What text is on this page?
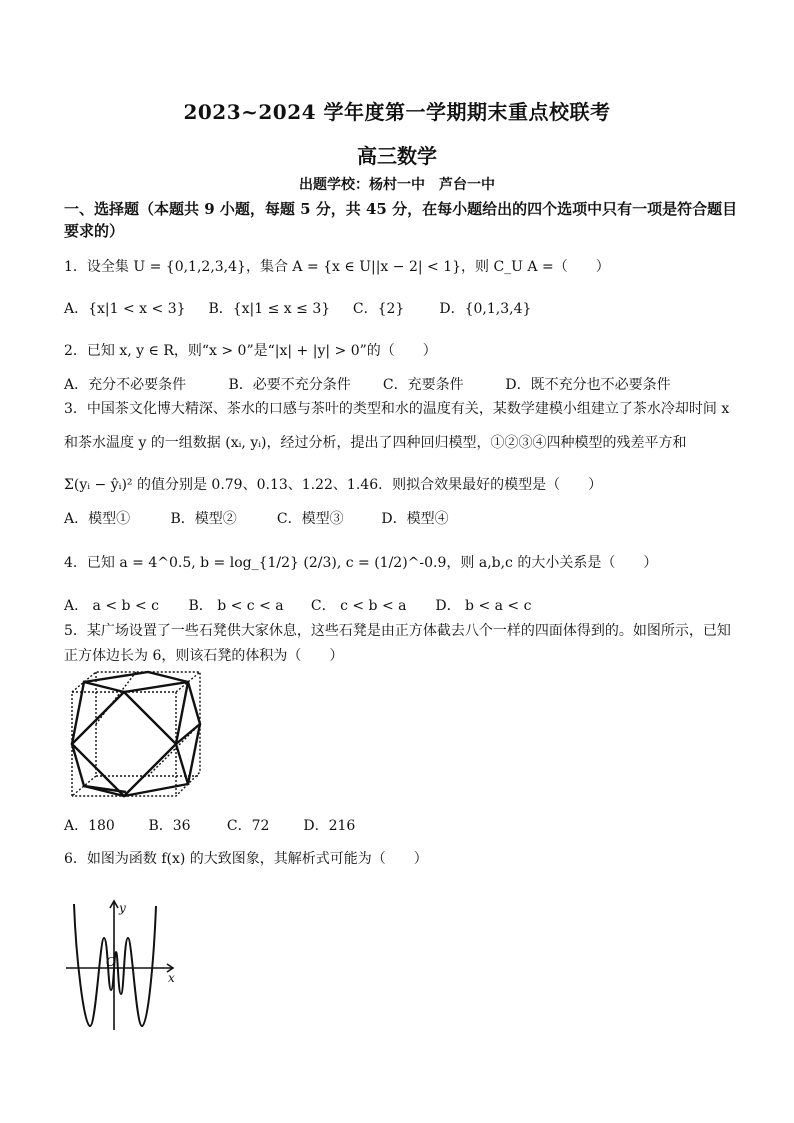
2023~2024 学年度第一学期期末重点校联考
高三数学
出题学校：杨村一中　芦台一中
一、选择题（本题共 9 小题，每题 5 分，共 45 分，在每小题给出的四个选项中只有一项是符合题目要求的）
1．设全集 U = {0,1,2,3,4}，集合 A = {x ∈ U||x − 2| < 1}，则 C_U A =（　　）
A．{x|1 < x < 3} B．{x|1 ≤ x ≤ 3} C．{2}	D．{0,1,3,4}
2．已知 x, y ∈ R，则“x > 0”是“|x| + |y| > 0”的（　　）
A．充分不必要条件	B．必要不充分条件 C．充要条件	D．既不充分也不必要条件
3．中国茶文化博大精深、茶水的口感与茶叶的类型和水的温度有关，某数学建模小组建立了茶水冷却时间 x
和茶水温度 y 的一组数据 (xᵢ, yᵢ)，经过分析，提出了四种回归模型，①②③④四种模型的残差平方和
Σ(yᵢ − ŷᵢ)² 的值分别是 0.79、0.13、1.22、1.46．则拟合效果最好的模型是（　　）
A．模型①	B．模型②	C．模型③	D．模型④
4．已知 a = 4^0.5, b = log_{1/2} (2/3), c = (1/2)^-0.9，则 a,b,c 的大小关系是（　　）
A． a < b < c B． b < c < a C． c < b < a D． b < a < c
5．某广场设置了一些石凳供大家休息，这些石凳是由正方体截去八个一样的四面体得到的。如图所示，已知
正方体边长为 6，则该石凳的体积为（　　）
A．180 B．36	C．72 D．216
6．如图为函数 f(x) 的大致图象，其解析式可能为（　　）
y
x
O
